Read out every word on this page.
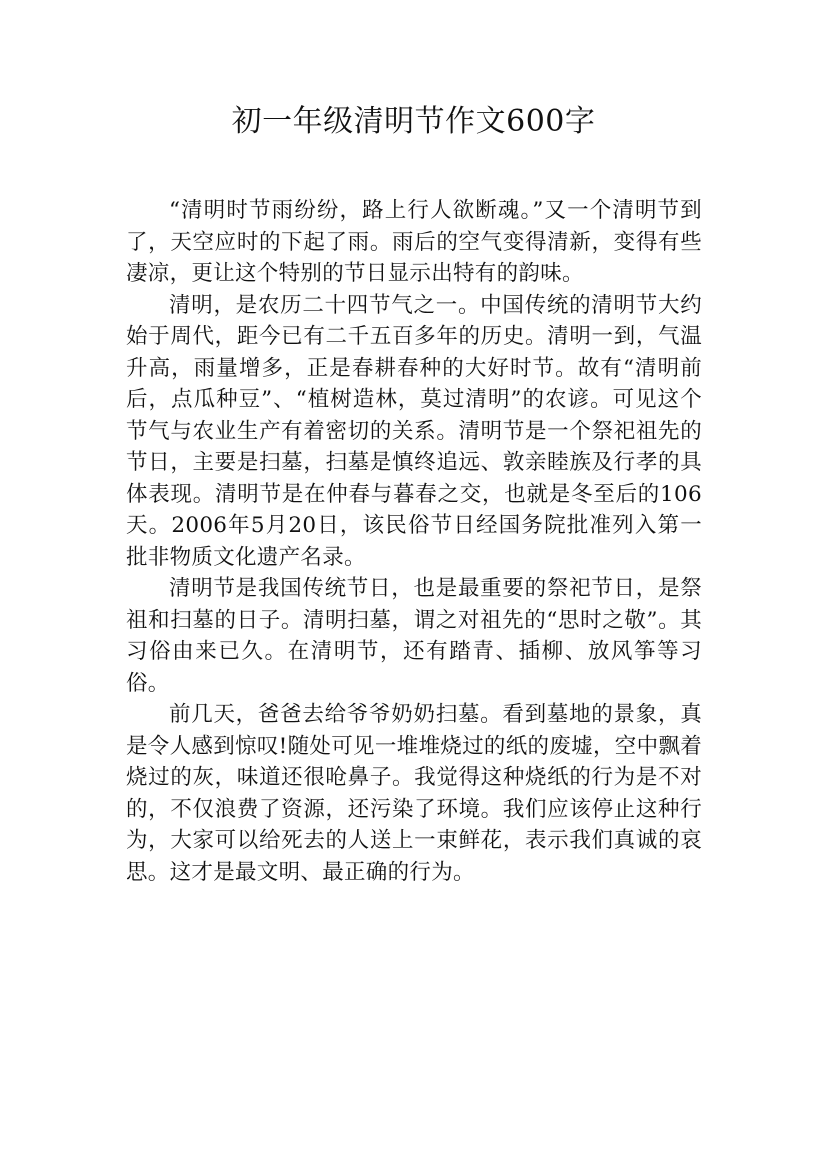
初一年级清明节作文600字

“清明时节雨纷纷，路上行人欲断魂。”又一个清明节到了，天空应时的下起了雨。雨后的空气变得清新，变得有些凄凉，更让这个特别的节日显示出特有的韵味。

清明，是农历二十四节气之一。中国传统的清明节大约始于周代，距今已有二千五百多年的历史。清明一到，气温升高，雨量增多，正是春耕春种的大好时节。故有“清明前后，点瓜种豆”、“植树造林，莫过清明”的农谚。可见这个节气与农业生产有着密切的关系。清明节是一个祭祀祖先的节日，主要是扫墓，扫墓是慎终追远、敦亲睦族及行孝的具体表现。清明节是在仲春与暮春之交，也就是冬至后的106天。2006年5月20日，该民俗节日经国务院批准列入第一批非物质文化遗产名录。

清明节是我国传统节日，也是最重要的祭祀节日，是祭祖和扫墓的日子。清明扫墓，谓之对祖先的“思时之敬”。其习俗由来已久。在清明节，还有踏青、插柳、放风筝等习俗。

前几天，爸爸去给爷爷奶奶扫墓。看到墓地的景象，真是令人感到惊叹!随处可见一堆堆烧过的纸的废墟，空中飘着烧过的灰，味道还很呛鼻子。我觉得这种烧纸的行为是不对的，不仅浪费了资源，还污染了环境。我们应该停止这种行为，大家可以给死去的人送上一束鲜花，表示我们真诚的哀思。这才是最文明、最正确的行为。
